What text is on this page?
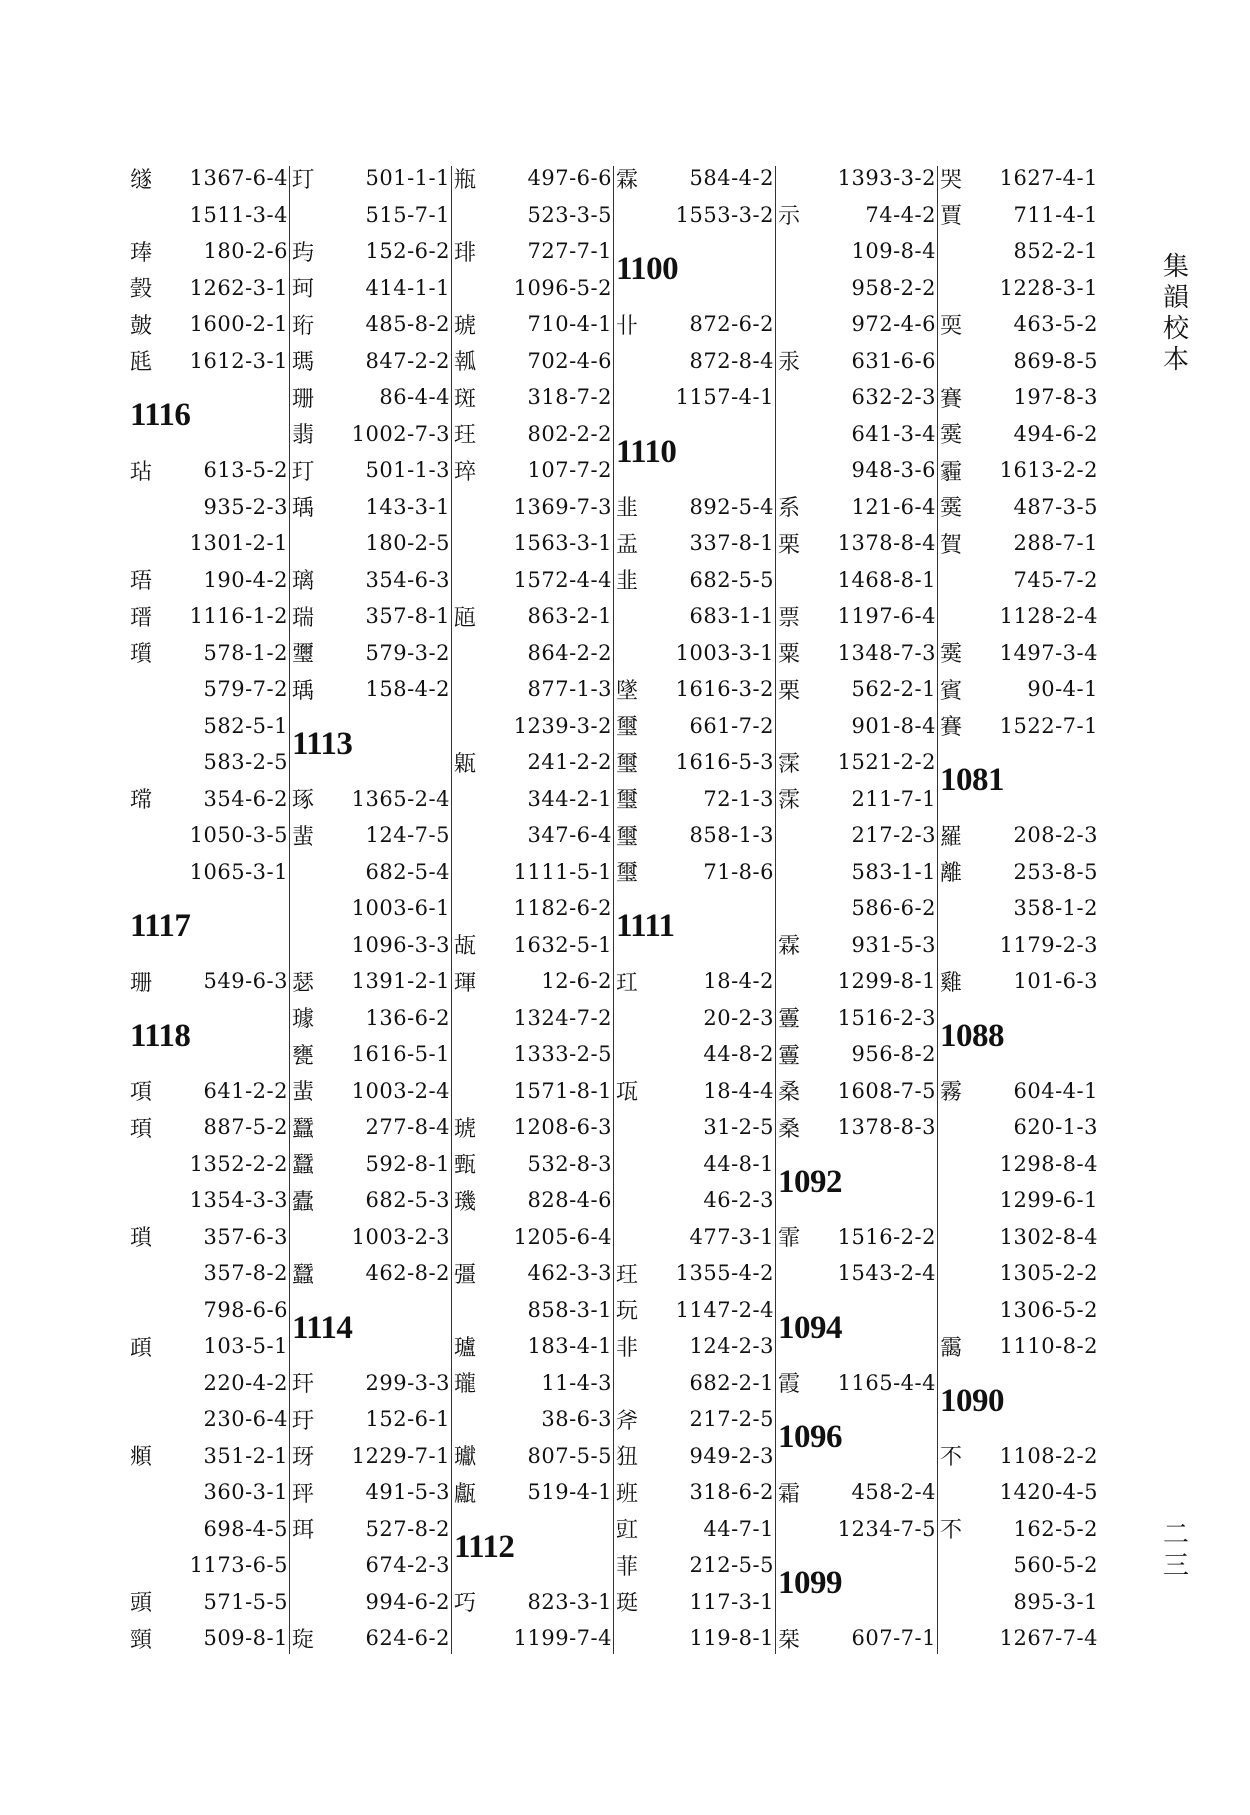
䍁	1367-6-4
1511-3-4
琫	180-2-6
瑴	1262-3-1
皷	1600-2-1
瓱	1612-3-1
1116
玷	613-5-2
935-2-3
1301-2-1
珸	190-4-2
瑨	1116-1-2
瓆	578-1-2
579-7-2
582-5-1
583-2-5
瑺	354-6-2
1050-3-5
1065-3-1
1117
珊	549-6-3
1118
項	641-2-2
頊	887-5-2
1352-2-2
1354-3-3
瑣	357-6-3
357-8-2
798-6-6
頙	103-5-1
220-4-2
230-6-4
頫	351-2-1
360-3-1
698-4-5
1173-6-5
頭	571-5-5
頸	509-8-1
玎	501-1-1
515-7-1
玙	152-6-2
珂	414-1-1
珩	485-8-2
瑪	847-2-2
珊	86-4-4
翡	1002-7-3
玎	501-1-3
瑀	143-3-1
180-2-5
璃	354-6-3
瑞	357-8-1
瓕	579-3-2
瑀	158-4-2
1113
琢	1365-2-4
蜚	124-7-5
682-5-4
1003-6-1
1096-3-3
瑟	1391-2-1
璩	136-6-2
甕	1616-5-1
蜚	1003-2-4
蠶	277-8-4
蠶	592-8-1
蠹	682-5-3
1003-2-3
蠶	462-8-2
1114
玕	299-3-3
玗	152-6-1
玡	1229-7-1
玶	491-5-3
珥	527-8-2
674-2-3
994-6-2
琁	624-6-2
瓶	497-6-6
523-3-5
琲	727-7-1
1096-5-2
琥	710-4-1
瓡	702-4-6
斑	318-7-2
玨	802-2-2
琗	107-7-2
1369-7-3
1563-3-1
1572-4-4
瓸	863-2-1
864-2-2
877-1-3
1239-3-2
甈	241-2-2
344-2-1
347-6-4
1111-5-1
1182-6-2
瓳	1632-5-1
琿	12-6-2
1324-7-2
1333-2-5
1571-8-1
琥	1208-6-3
甄	532-8-3
璣	828-4-6
1205-6-4
彊	462-3-3
858-3-1
瓐	183-4-1
瓏	11-4-3
38-6-3
瓛	807-5-5
甗	519-4-1
1112
巧	823-3-1
1199-7-4
霖	584-4-2
1553-3-2
1100
卝	872-6-2
872-8-4
1157-4-1
1110
韭	892-5-4
盂	337-8-1
韭	682-5-5
683-1-1
1003-3-1
墜	1616-3-2
璽	661-7-2
璽	1616-5-3
璽	72-1-3
璽	858-1-3
璽	71-8-6
1111
玒	18-4-2
20-2-3
44-8-2
瓨	18-4-4
31-2-5
44-8-1
46-2-3
477-3-1
玨	1355-4-2
玩	1147-2-4
非	124-2-3
682-2-1
斧	217-2-5
狃	949-2-3
班	318-6-2
豇	44-7-1
菲	212-5-5
珽	117-3-1
119-8-1
1393-3-2
示	74-4-2
109-8-4
958-2-2
972-4-6
汞	631-6-6
632-2-3
641-3-4
948-3-6
系	121-6-4
栗	1378-8-4
1468-8-1
票	1197-6-4
粟	1348-7-3
栗	562-2-1
901-8-4
霂	1521-2-2
霂	211-7-1
217-2-3
583-1-1
586-6-2
霖	931-5-3
1299-8-1
霻	1516-2-3
霻	956-8-2
桑	1608-7-5
桑	1378-8-3
1092
霏	1516-2-2
1543-2-4
1094
霞	1165-4-4
1096
霜	458-2-4
1234-7-5
1099
栞	607-7-1
哭	1627-4-1
賈	711-4-1
852-2-1
1228-3-1
耎	463-5-2
869-8-5
賽	197-8-3
霙	494-6-2
霾	1613-2-2
霙	487-3-5
賀	288-7-1
745-7-2
1128-2-4
霙	1497-3-4
賓	90-4-1
賽	1522-7-1
1081
羅	208-2-3
離	253-8-5
358-1-2
1179-2-3
雞	101-6-3
1088
霧	604-4-1
620-1-3
1298-8-4
1299-6-1
1302-8-4
1305-2-2
1306-5-2
靄	1110-8-2
1090
不	1108-2-2
1420-4-5
不	162-5-2
560-5-2
895-3-1
1267-7-4
集韻校本
二三
